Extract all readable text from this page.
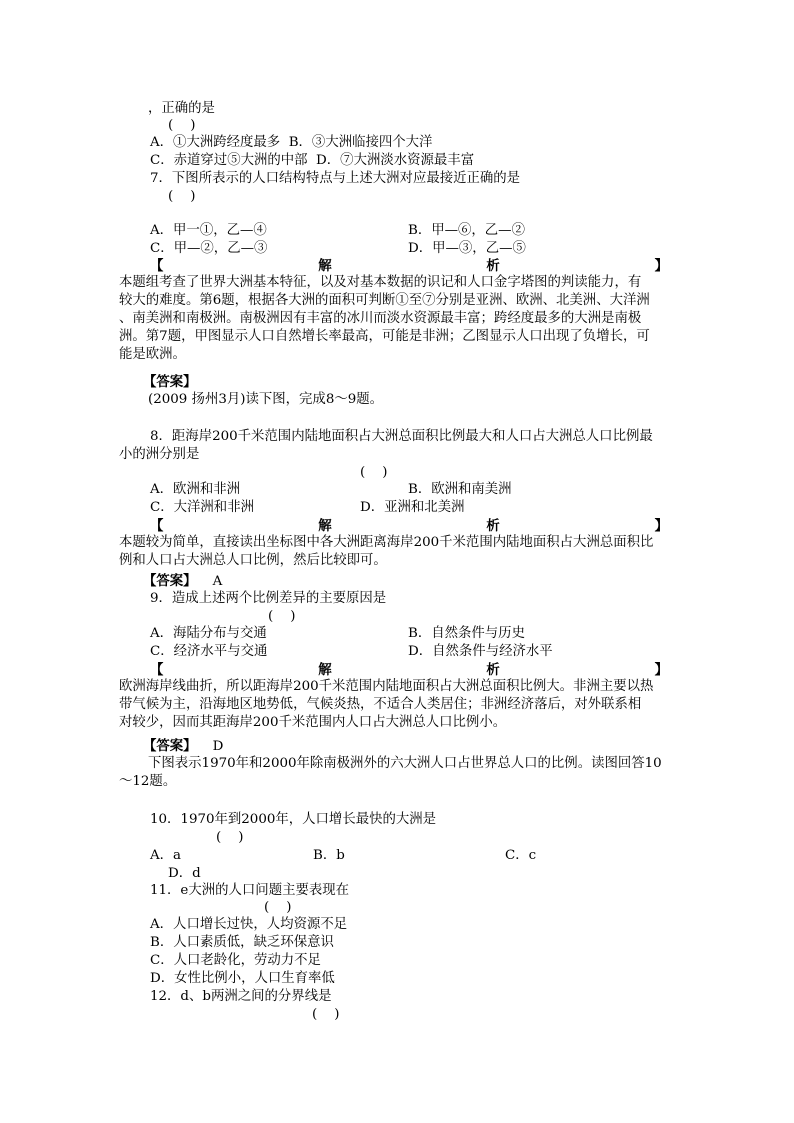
，正确的是
(    )
A．①大洲跨经度最多  B．③大洲临接四个大洋
C．赤道穿过⑤大洲的中部  D．⑦大洲淡水资源最丰富
7．下图所表示的人口结构特点与上述大洲对应最接近正确的是
(    )
A．甲一①，乙—④	B．甲—⑥，乙—②
C．甲—②，乙—③	D．甲—③，乙—⑤
【	解	析	】
本题组考查了世界大洲基本特征，以及对基本数据的识记和人口金字塔图的判读能力，有
较大的难度。第6题，根据各大洲的面积可判断①至⑦分别是亚洲、欧洲、北美洲、大洋洲
、南美洲和南极洲。南极洲因有丰富的冰川而淡水资源最丰富；跨经度最多的大洲是南极
洲。第7题，甲图显示人口自然增长率最高，可能是非洲；乙图显示人口出现了负增长，可
能是欧洲。
【答案】
(2009 扬州3月)读下图，完成8～9题。
8．距海岸200千米范围内陆地面积占大洲总面积比例最大和人口占大洲总人口比例最
小的洲分别是
(    )
A．欧洲和非洲	B．欧洲和南美洲
C．大洋洲和非洲	D．亚洲和北美洲
【	解	析	】
本题较为简单，直接读出坐标图中各大洲距离海岸200千米范围内陆地面积占大洲总面积比
例和人口占大洲总人口比例，然后比较即可。
【答案】 A
9．造成上述两个比例差异的主要原因是
(    )
A．海陆分布与交通	B．自然条件与历史
C．经济水平与交通	D．自然条件与经济水平
【	解	析	】
欧洲海岸线曲折，所以距海岸200千米范围内陆地面积占大洲总面积比例大。非洲主要以热
带气候为主，沿海地区地势低，气候炎热，不适合人类居住；非洲经济落后，对外联系相
对较少，因而其距海岸200千米范围内人口占大洲总人口比例小。
【答案】 D
下图表示1970年和2000年除南极洲外的六大洲人口占世界总人口的比例。读图回答10
～12题。
10．1970年到2000年，人口增长最快的大洲是
(    )
A．a	B．b	C．c
D．d
11．e大洲的人口问题主要表现在
(    )
A．人口增长过快，人均资源不足
B．人口素质低，缺乏环保意识
C．人口老龄化，劳动力不足
D．女性比例小，人口生育率低
12．d、b两洲之间的分界线是
(    )
